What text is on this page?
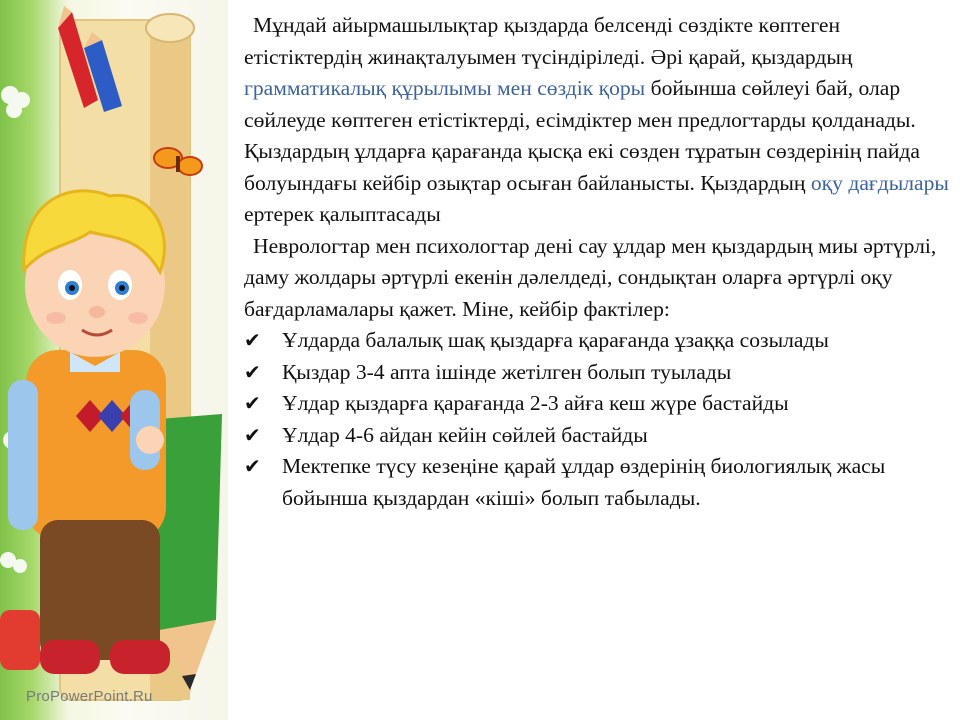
ProPowerPoint.Ru

Мұндай айырмашылықтар қыздарда белсенді сөздікте көптеген етістіктердің жинақталуымен түсіндіріледі. Әрі қарай, қыздардың грамматикалық құрылымы мен сөздік қоры бойынша сөйлеуі бай, олар сөйлеуде көптеген етістіктерді, есімдіктер мен предлогтарды қолданады. Қыздардың ұлдарға қарағанда қысқа екі сөзден тұратын сөздерінің пайда болуындағы кейбір озықтар осыған байланысты. Қыздардың оқу дағдылары ертерек қалыптасады

Неврологтар мен психологтар дені сау ұлдар мен қыздардың миы әртүрлі, даму жолдары әртүрлі екенін дәлелдеді, сондықтан оларға әртүрлі оқу бағдарламалары қажет. Міне, кейбір фактілер:

✔ Ұлдарда балалық шақ қыздарға қарағанда ұзаққа созылады
✔ Қыздар 3-4 апта ішінде жетілген болып туылады
✔ Ұлдар қыздарға қарағанда 2-3 айға кеш жүре бастайды
✔ Ұлдар 4-6 айдан кейін сөйлей бастайды
✔ Мектепке түсу кезеңіне қарай ұлдар өздерінің биологиялық жасы бойынша қыздардан «кіші» болып табылады.
